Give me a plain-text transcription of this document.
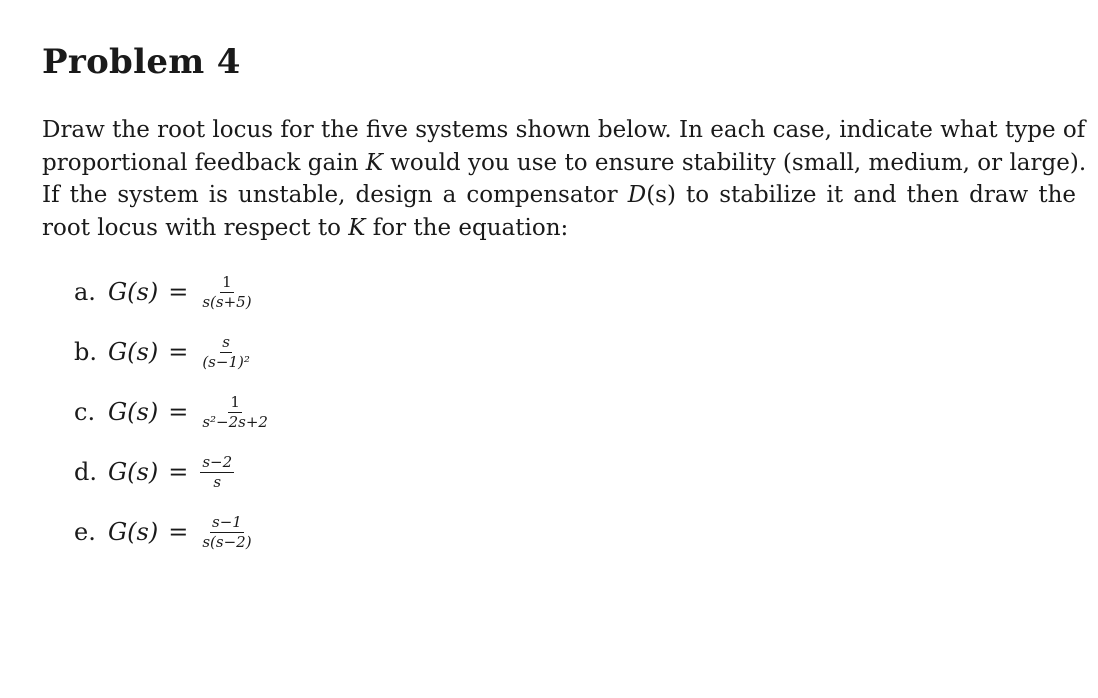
Problem 4
Draw the root locus for the five systems shown below. In each case, indicate what type of
proportional feedback gain K would you use to ensure stability (small, medium, or large).
If the system is unstable, design a compensator D(s) to stabilize it and then draw the
root locus with respect to K for the equation:
a. $G(s) = \frac{1}{s(s+5)}$
b. $G(s) = \frac{s}{\text{(s−1)²}}$
c. $G(s) = \frac{1}{\text{s²−2s+2}}$
d. $G(s) = \frac{s-2}{s}$
e. $G(s) = \frac{s-1}{s(s-2)}$
